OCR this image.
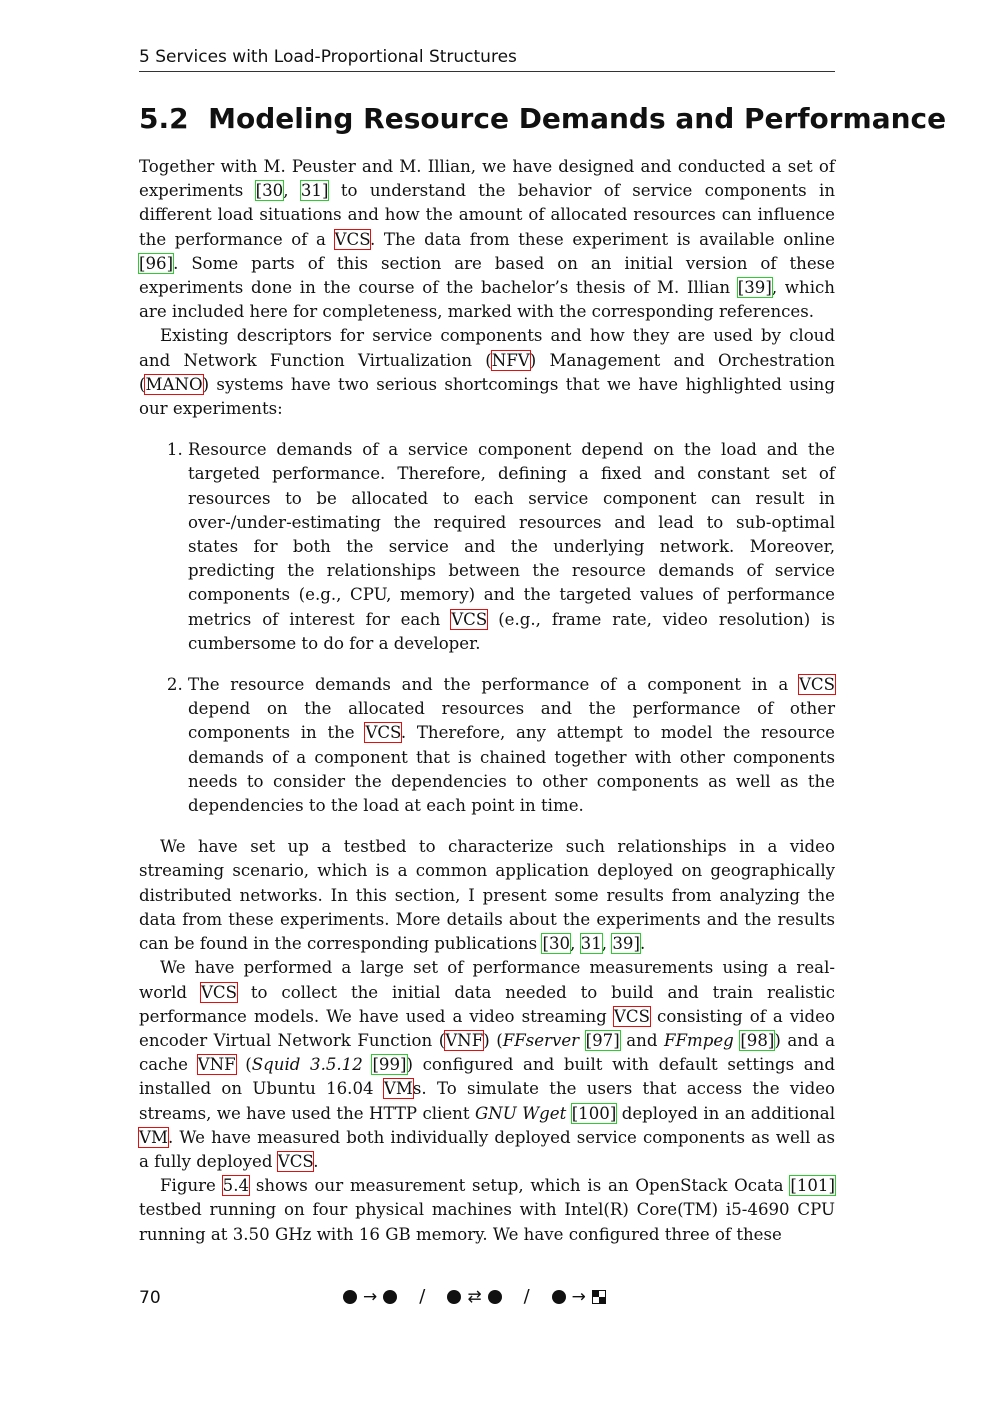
5 Services with Load-Proportional Structures
5.2 Modeling Resource Demands and Performance

Together with M. Peuster and M. Illian, we have designed and conducted a set of experiments [30, 31] to understand the behavior of service components in different load situations and how the amount of allocated resources can influence the performance of a VCS. The data from these experiment is available online [96]. Some parts of this section are based on an initial version of these experiments done in the course of the bachelor’s thesis of M. Illian [39], which are included here for completeness, marked with the corresponding references.

Existing descriptors for service components and how they are used by cloud and Network Function Virtualization (NFV) Management and Orchestration (MANO) systems have two serious shortcomings that we have highlighted using our experiments:

1. Resource demands of a service component depend on the load and the targeted performance. Therefore, defining a fixed and constant set of resources to be allocated to each service component can result in over-/under-estimating the required resources and lead to sub-optimal states for both the service and the underlying network. Moreover, predicting the relationships between the resource demands of service components (e.g., CPU, memory) and the targeted values of performance metrics of interest for each VCS (e.g., frame rate, video resolution) is cumbersome to do for a developer.
2. The resource demands and the performance of a component in a VCS depend on the allocated resources and the performance of other components in the VCS. Therefore, any attempt to model the resource demands of a component that is chained together with other components needs to consider the dependencies to other components as well as the dependencies to the load at each point in time.

We have set up a testbed to characterize such relationships in a video streaming scenario, which is a common application deployed on geographically distributed networks. In this section, I present some results from analyzing the data from these experiments. More details about the experiments and the results can be found in the corresponding publications [30, 31, 39].

We have performed a large set of performance measurements using a real-world VCS to collect the initial data needed to build and train realistic performance models. We have used a video streaming VCS consisting of a video encoder Virtual Network Function (VNF) (FFserver [97] and FFmpeg [98]) and a cache VNF (Squid 3.5.12 [99]) configured and built with default settings and installed on Ubuntu 16.04 VMs. To simulate the users that access the video streams, we have used the HTTP client GNU Wget [100] deployed in an additional VM. We have measured both individually deployed service components as well as a fully deployed VCS.

Figure 5.4 shows our measurement setup, which is an OpenStack Ocata [101] testbed running on four physical machines with Intel(R) Core(TM) i5-4690 CPU running at 3.50 GHz with 16 GB memory. We have configured three of these

70	→ / ⇄ / →
